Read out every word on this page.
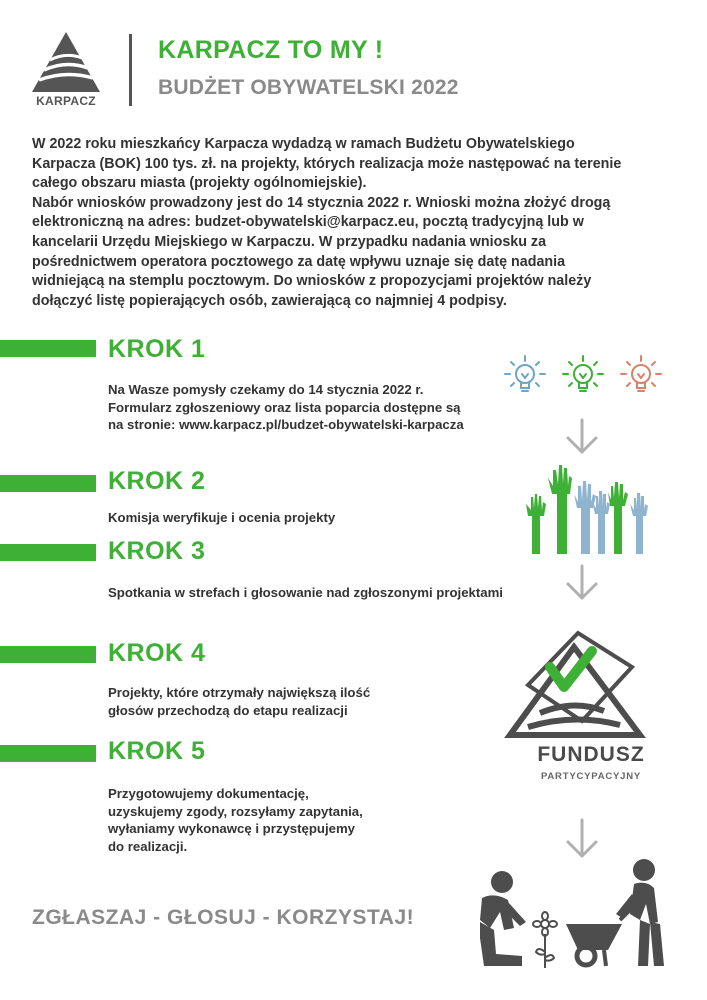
KARPACZ
KARPACZ TO MY !
BUDŻET OBYWATELSKI 2022

W 2022 roku mieszkańcy Karpacza wydadzą w ramach Budżetu Obywatelskiego

Karpacza (BOK) 100 tys. zł. na projekty, których realizacja może następować na terenie

całego obszaru miasta (projekty ogólnomiejskie).

Nabór wniosków prowadzony jest do 14 stycznia 2022 r. Wnioski można złożyć drogą

elektroniczną na adres: budzet-obywatelski@karpacz.eu, pocztą tradycyjną lub w

kancelarii Urzędu Miejskiego w Karpaczu. W przypadku nadania wniosku za

pośrednictwem operatora pocztowego za datę wpływu uznaje się datę nadania

widniejącą na stemplu pocztowym. Do wniosków z propozycjami projektów należy

dołączyć listę popierających osób, zawierającą co najmniej 4 podpisy.

KROK 1
Na Wasze pomysły czekamy do 14 stycznia 2022 r.
Formularz zgłoszeniowy oraz lista poparcia dostępne są
na stronie: www.karpacz.pl/budzet-obywatelski-karpacza
KROK 2
Komisja weryfikuje i ocenia projekty
KROK 3
Spotkania w strefach i głosowanie nad zgłoszonymi projektami
KROK 4
Projekty, które otrzymały największą ilość
głosów przechodzą do etapu realizacji
KROK 5
Przygotowujemy dokumentację,
uzyskujemy zgody, rozsyłamy zapytania,
wyłaniamy wykonawcę i przystępujemy
do realizacji.
FUNDUSZ
PARTYCYPACYJNY
ZGŁASZAJ - GŁOSUJ - KORZYSTAJ!
